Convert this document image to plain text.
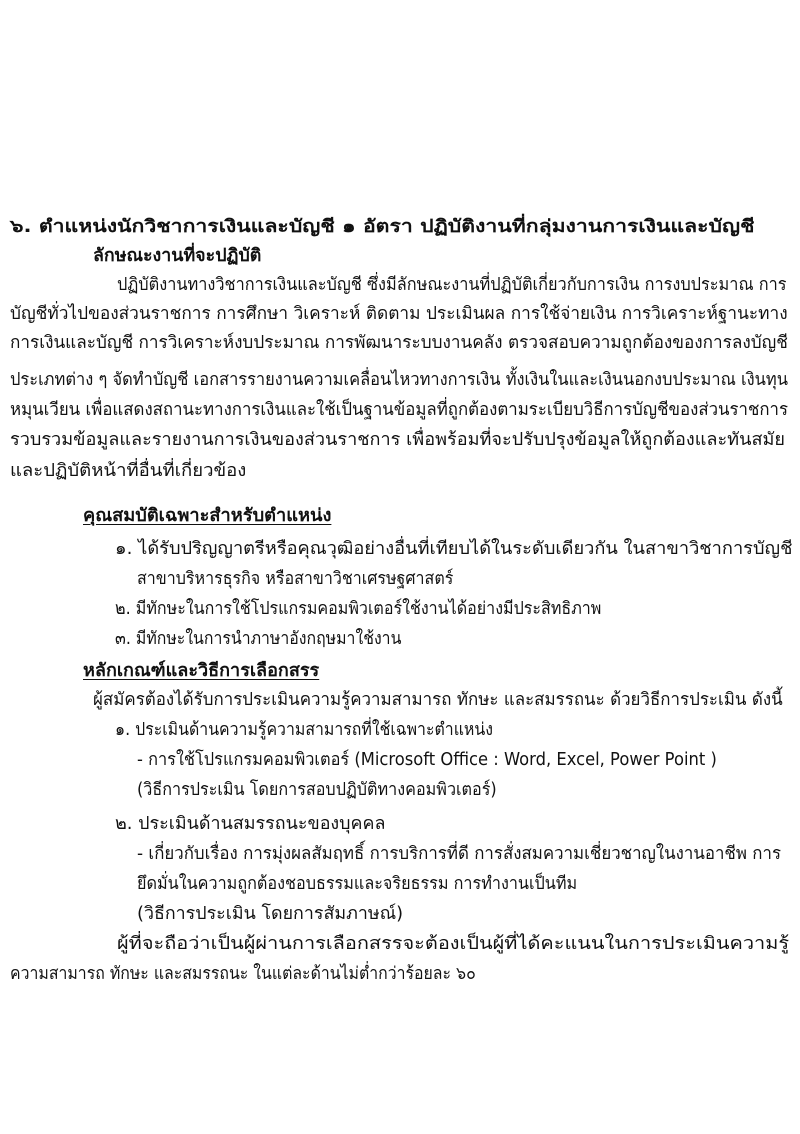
๖. ตำแหน่งนักวิชาการเงินและบัญชี ๑ อัตรา ปฏิบัติงานที่กลุ่มงานการเงินและบัญชี
ลักษณะงานที่จะปฏิบัติ
ปฏิบัติงานทางวิชาการเงินและบัญชี ซึ่งมีลักษณะงานที่ปฏิบัติเกี่ยวกับการเงิน การงบประมาณ การ
บัญชีทั่วไปของส่วนราชการ การศึกษา วิเคราะห์ ติดตาม ประเมินผล การใช้จ่ายเงิน การวิเคราะห์ฐานะทาง
การเงินและบัญชี การวิเคราะห์งบประมาณ การพัฒนาระบบงานคลัง ตรวจสอบความถูกต้องของการลงบัญชี
ประเภทต่าง ๆ จัดทำบัญชี เอกสารรายงานความเคลื่อนไหวทางการเงิน ทั้งเงินในและเงินนอกงบประมาณ เงินทุน
หมุนเวียน เพื่อแสดงสถานะทางการเงินและใช้เป็นฐานข้อมูลที่ถูกต้องตามระเบียบวิธีการบัญชีของส่วนราชการ
รวบรวมข้อมูลและรายงานการเงินของส่วนราชการ เพื่อพร้อมที่จะปรับปรุงข้อมูลให้ถูกต้องและทันสมัย
และปฏิบัติหน้าที่อื่นที่เกี่ยวข้อง
คุณสมบัติเฉพาะสำหรับตำแหน่ง
๑. ได้รับปริญญาตรีหรือคุณวุฒิอย่างอื่นที่เทียบได้ในระดับเดียวกัน ในสาขาวิชาการบัญชี
สาขาบริหารธุรกิจ หรือสาขาวิชาเศรษฐศาสตร์
๒. มีทักษะในการใช้โปรแกรมคอมพิวเตอร์ใช้งานได้อย่างมีประสิทธิภาพ
๓. มีทักษะในการนำภาษาอังกฤษมาใช้งาน
หลักเกณฑ์และวิธีการเลือกสรร
ผู้สมัครต้องได้รับการประเมินความรู้ความสามารถ ทักษะ และสมรรถนะ ด้วยวิธีการประเมิน ดังนี้
๑. ประเมินด้านความรู้ความสามารถที่ใช้เฉพาะตำแหน่ง
- การใช้โปรแกรมคอมพิวเตอร์ (Microsoft Office : Word, Excel, Power Point )
(วิธีการประเมิน โดยการสอบปฏิบัติทางคอมพิวเตอร์)
๒. ประเมินด้านสมรรถนะของบุคคล
- เกี่ยวกับเรื่อง การมุ่งผลสัมฤทธิ์ การบริการที่ดี การสั่งสมความเชี่ยวชาญในงานอาชีพ การ
ยึดมั่นในความถูกต้องชอบธรรมและจริยธรรม การทำงานเป็นทีม
(วิธีการประเมิน โดยการสัมภาษณ์)
ผู้ที่จะถือว่าเป็นผู้ผ่านการเลือกสรรจะต้องเป็นผู้ที่ได้คะแนนในการประเมินความรู้
ความสามารถ ทักษะ และสมรรถนะ ในแต่ละด้านไม่ต่ำกว่าร้อยละ ๖๐
